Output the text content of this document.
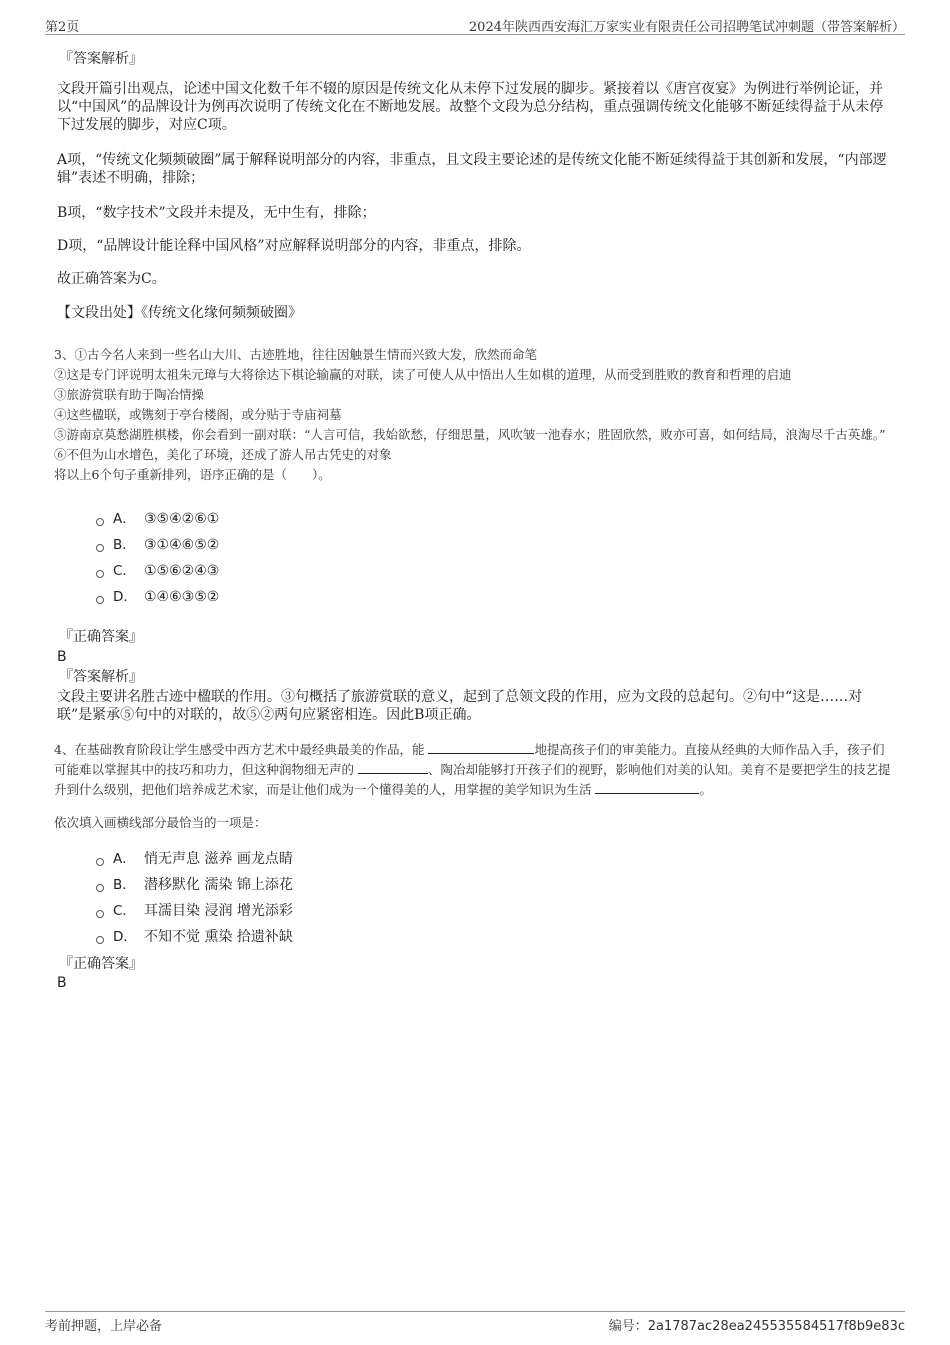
第2页	2024年陕西西安海汇万家实业有限责任公司招聘笔试冲刺题（带答案解析）
『答案解析』

文段开篇引出观点，论述中国文化数千年不辍的原因是传统文化从未停下过发展的脚步。紧接着以《唐宫夜宴》为例进行举例论证，并以“中国风”的品牌设计为例再次说明了传统文化在不断地发展。故整个文段为总分结构，重点强调传统文化能够不断延续得益于从未停下过发展的脚步，对应C项。

A项，“传统文化频频破圈”属于解释说明部分的内容，非重点，且文段主要论述的是传统文化能不断延续得益于其创新和发展，“内部逻辑”表述不明确，排除；

B项，“数字技术”文段并未提及，无中生有，排除；

D项，“品牌设计能诠释中国风格”对应解释说明部分的内容，非重点，排除。

故正确答案为C。

【文段出处】《传统文化缘何频频破圈》

3、①古今名人来到一些名山大川、古迹胜地，往往因触景生情而兴致大发，欣然而命笔

②这是专门评说明太祖朱元璋与大将徐达下棋论输赢的对联，读了可使人从中悟出人生如棋的道理，从而受到胜败的教育和哲理的启迪

③旅游赏联有助于陶冶情操

④这些楹联，或镌刻于亭台楼阁，或分贴于寺庙祠墓

⑤游南京莫愁湖胜棋楼，你会看到一副对联：“人言可信，我始欲愁，仔细思量，风吹皱一池春水；胜固欣然，败亦可喜，如何结局，浪淘尽千古英雄。”

⑥不但为山水增色，美化了环境，还成了游人吊古凭史的对象

将以上6个句子重新排列，语序正确的是（　　）。

A． ③⑤④②⑥①
B． ③①④⑥⑤②
C． ①⑤⑥②④③
D． ①④⑥③⑤②
『正确答案』
B
『答案解析』

文段主要讲名胜古迹中楹联的作用。③句概括了旅游赏联的意义，起到了总领文段的作用，应为文段的总起句。②句中“这是……对联”是紧承⑤句中的对联的，故⑤②两句应紧密相连。因此B项正确。

4、在基础教育阶段让学生感受中西方艺术中最经典最美的作品，能	地提高孩子们的审美能力。直接从经典的大师作品入手，孩子们可能难以掌握其中的技巧和功力，但这种润物细无声的	、陶冶却能够打开孩子们的视野，影响他们对美的认知。美育不是要把学生的技艺提升到什么级别，把他们培养成艺术家，而是让他们成为一个懂得美的人，用掌握的美学知识为生活	。

依次填入画横线部分最恰当的一项是：
A． 悄无声息 滋养 画龙点睛
B． 潜移默化 濡染 锦上添花
C． 耳濡目染 浸润 增光添彩
D． 不知不觉 熏染 拾遗补缺
『正确答案』
B
考前押题，上岸必备	编号：2a1787ac28ea245535584517f8b9e83c
